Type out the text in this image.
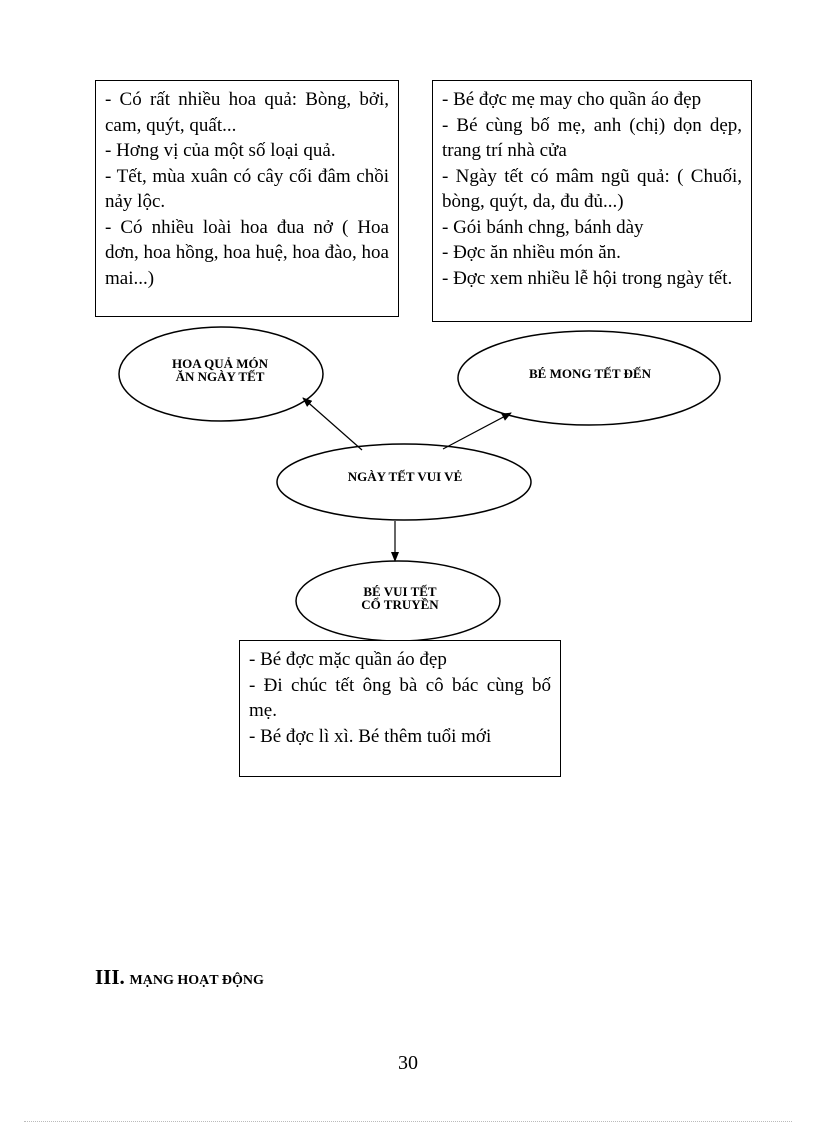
- Có rất nhiều hoa quả: Bòng, bởi, cam, quýt, quất...

- Hơng vị của một số loại quả.

- Tết, mùa xuân có cây cối đâm chồi nảy lộc.

- Có nhiều loài hoa đua nở ( Hoa dơn, hoa hồng, hoa huệ, hoa đào, hoa mai...)

- Bé đợc mẹ may cho quần áo đẹp

- Bé cùng bố mẹ, anh (chị) dọn dẹp, trang trí nhà cửa

- Ngày tết có mâm ngũ quả: ( Chuối, bòng, quýt, da, đu đủ...)

- Gói bánh chng, bánh dày

- Đợc ăn nhiều món ăn.

- Đợc xem nhiều lễ hội trong ngày tết.

HOA QUẢ MÓN
ĂN NGÀY TẾT	BÉ MONG TẾT ĐẾN
NGÀY TẾT VUI VẺ
BÉ VUI TẾT
CỔ TRUYỀN

- Bé đợc mặc quần áo đẹp

- Đi chúc tết ông bà cô bác cùng bố mẹ.

- Bé đợc lì xì. Bé thêm tuổi mới

III. MẠNG HOẠT ĐỘNG
30
